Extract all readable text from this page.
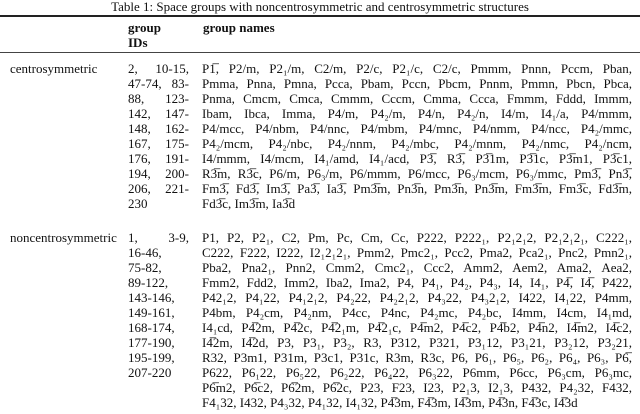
Table 1: Space groups with noncentrosymmetric and centrosymmetric structures
group
IDs
group names
centrosymmetric 2, 10-15,
47-74, 83-
88, 123-
142, 147-
148, 162-
167, 175-
176, 191-
194, 200-
206, 221-
230
P1̅, P2/m, P2₁/m, C2/m, P2/c, P2₁/c, C2/c, Pmmm, Pnnn, Pccm, Pban,
Pmma, Pnna, Pmna, Pcca, Pbam, Pccn, Pbcm, Pnnm, Pmmn, Pbcn, Pbca,
Pnma, Cmcm, Cmca, Cmmm, Cccm, Cmma, Ccca, Fmmm, Fddd, Immm,
Ibam, Ibca, Imma, P4/m, P4₂/m, P4/n, P4₂/n, I4/m, I4₁/a, P4/mmm,
P4/mcc, P4/nbm, P4/nnc, P4/mbm, P4/mnc, P4/nmm, P4/ncc, P4₂/mmc,
P4₂/mcm, P4₂/nbc, P4₂/nnm, P4₂/mbc, P4₂/mnm, P4₂/nmc, P4₂/ncm,
I4/mmm, I4/mcm, I4₁/amd, I4₁/acd, P3̅, R3̅, P3̅1m, P3̅1c, P3̅m1, P3̅c1,
R3̅m, R3̅c, P6/m, P6₃/m, P6/mmm, P6/mcc, P6₃/mcm, P6₃/mmc, Pm3̅, Pn3̅,
Fm3̅, Fd3̅, Im3̅, Pa3̅, Ia3̅, Pm3̅m, Pn3̅n, Pm3̅n, Pn3̅m, Fm3̅m, Fm3̅c, Fd3̅m,
Fd3̅c, Im3̅m, Ia3̅d
noncentrosymmetric 1, 3-9,
16-46,
75-82,
89-122,
143-146,
149-161,
168-174,
177-190,
195-199,
207-220
P1, P2, P2₁, C2, Pm, Pc, Cm, Cc, P222, P222₁, P2₁2₁2, P2₁2₁2₁, C222₁,
C222, F222, I222, I2₁2₁2₁, Pmm2, Pmc2₁, Pcc2, Pma2, Pca2₁, Pnc2, Pmn2₁,
Pba2, Pna2₁, Pnn2, Cmm2, Cmc2₁, Ccc2, Amm2, Aem2, Ama2, Aea2,
Fmm2, Fdd2, Imm2, Iba2, Ima2, P4, P4₁, P4₂, P4₃, I4, I4₁, P4̅, I4̅, P422,
P42₁2, P4₁22, P4₁2₁2, P4₂22, P4₂2₁2, P4₃22, P4₃2₁2, I422, I4₁22, P4mm,
P4bm, P4₂cm, P4₂nm, P4cc, P4nc, P4₂mc, P4₂bc, I4mm, I4cm, I4₁md,
I4₁cd, P4̅2m, P4̅2c, P4̅2₁m, P4̅2₁c, P4̅m2, P4̅c2, P4̅b2, P4̅n2, I4̅m2, I4̅c2,
I4̅2m, I4̅2d, P3, P3₁, P3₂, R3, P312, P321, P3₁12, P3₁21, P3₂12, P3₂21,
R32, P3m1, P31m, P3c1, P31c, R3m, R3c, P6, P6₁, P6₅, P6₂, P6₄, P6₃, P6̅,
P622, P6₁22, P6₅22, P6₂22, P6₄22, P6₃22, P6mm, P6cc, P6₃cm, P6₃mc,
P6̅m2, P6̅c2, P6̅2m, P6̅2c, P23, F23, I23, P2₁3, I2₁3, P432, P4₂32, F432,
F4₁32, I432, P4₃32, P4₁32, I4₁32, P4̅3m, F4̅3m, I4̅3m, P4̅3n, F4̅3c, I4̅3d
